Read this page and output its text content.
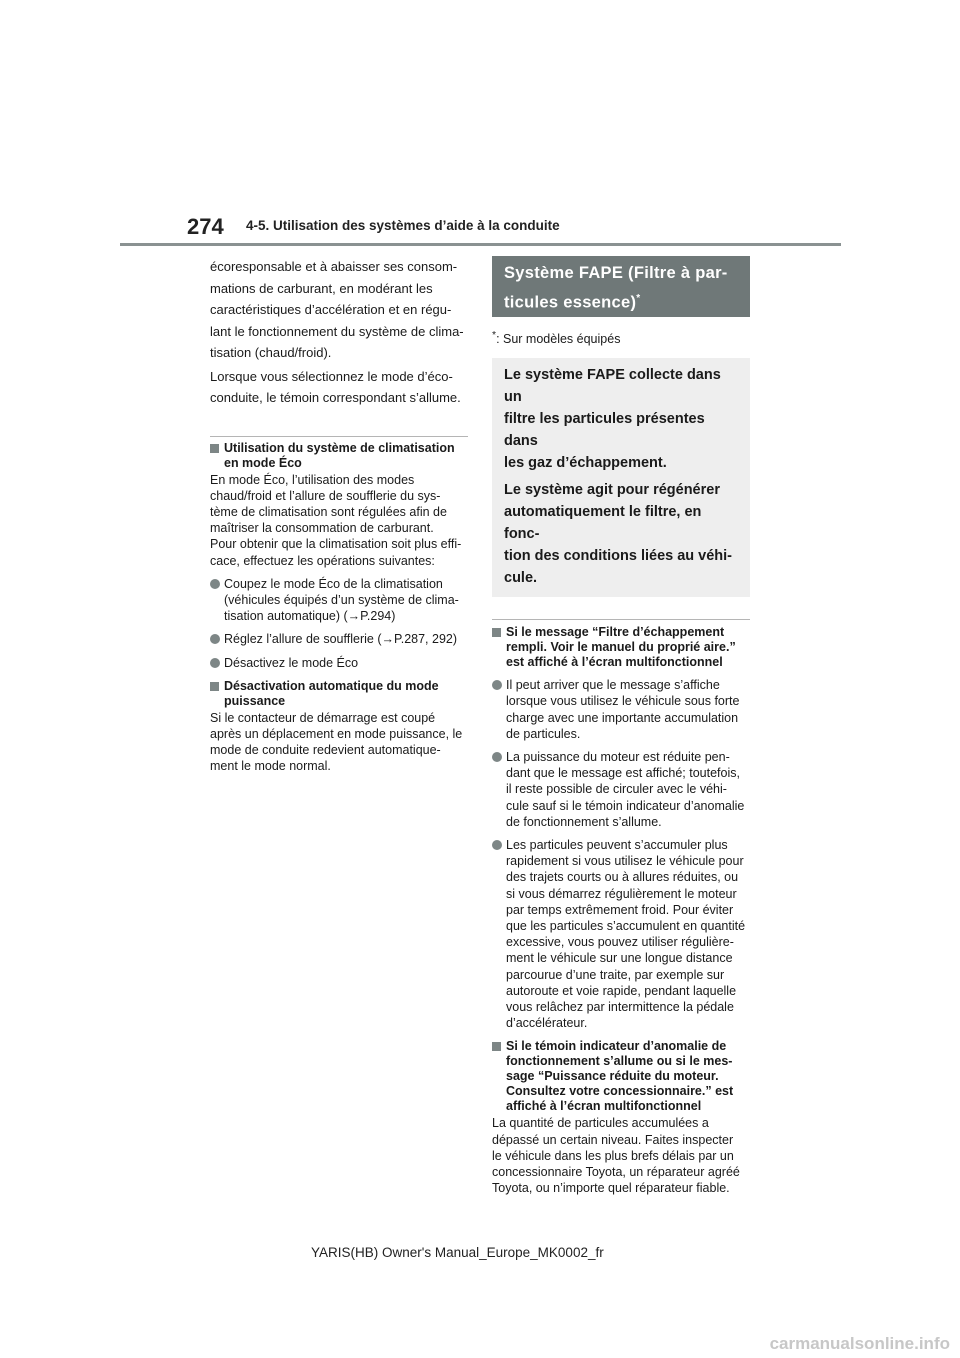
274 4-5. Utilisation des systèmes d’aide à la conduite

écoresponsable et à abaisser ses consom-

mations de carburant, en modérant les

caractéristiques d’accélération et en régu-

lant le fonctionnement du système de clima-

tisation (chaud/froid).

Lorsque vous sélectionnez le mode d’éco-

conduite, le témoin correspondant s’allume.

Utilisation du système de climatisation

en mode Éco

En mode Éco, l’utilisation des modes

chaud/froid et l’allure de soufflerie du sys-

tème de climatisation sont régulées afin de

maîtriser la consommation de carburant.

Pour obtenir que la climatisation soit plus effi-

cace, effectuez les opérations suivantes:

Coupez le mode Éco de la climatisation

(véhicules équipés d’un système de clima-

tisation automatique) (→P.294)

Réglez l’allure de soufflerie (→P.287, 292)

Désactivez le mode Éco

Désactivation automatique du mode

puissance

Si le contacteur de démarrage est coupé

après un déplacement en mode puissance, le

mode de conduite redevient automatique-

ment le mode normal.

Système FAPE (Filtre à par-

ticules essence)*

*: Sur modèles équipés

Le système FAPE collecte dans un

filtre les particules présentes dans

les gaz d’échappement.

Le système agit pour régénérer

automatiquement le filtre, en fonc-

tion des conditions liées au véhi-

cule.

Si le message “Filtre d’échappement

rempli. Voir le manuel du proprié aire.”

est affiché à l’écran multifonctionnel

Il peut arriver que le message s’affiche

lorsque vous utilisez le véhicule sous forte

charge avec une importante accumulation

de particules.

La puissance du moteur est réduite pen-

dant que le message est affiché; toutefois,

il reste possible de circuler avec le véhi-

cule sauf si le témoin indicateur d’anomalie

de fonctionnement s’allume.

Les particules peuvent s’accumuler plus

rapidement si vous utilisez le véhicule pour

des trajets courts ou à allures réduites, ou

si vous démarrez régulièrement le moteur

par temps extrêmement froid. Pour éviter

que les particules s’accumulent en quantité

excessive, vous pouvez utiliser régulière-

ment le véhicule sur une longue distance

parcourue d’une traite, par exemple sur

autoroute et voie rapide, pendant laquelle

vous relâchez par intermittence la pédale

d’accélérateur.

Si le témoin indicateur d’anomalie de

fonctionnement s’allume ou si le mes-

sage “Puissance réduite du moteur.

Consultez votre concessionnaire.” est

affiché à l’écran multifonctionnel

La quantité de particules accumulées a

dépassé un certain niveau. Faites inspecter

le véhicule dans les plus brefs délais par un

concessionnaire Toyota, un réparateur agréé

Toyota, ou n’importe quel réparateur fiable.

YARIS(HB) Owner's Manual_Europe_MK0002_fr
carmanualsonline.info
